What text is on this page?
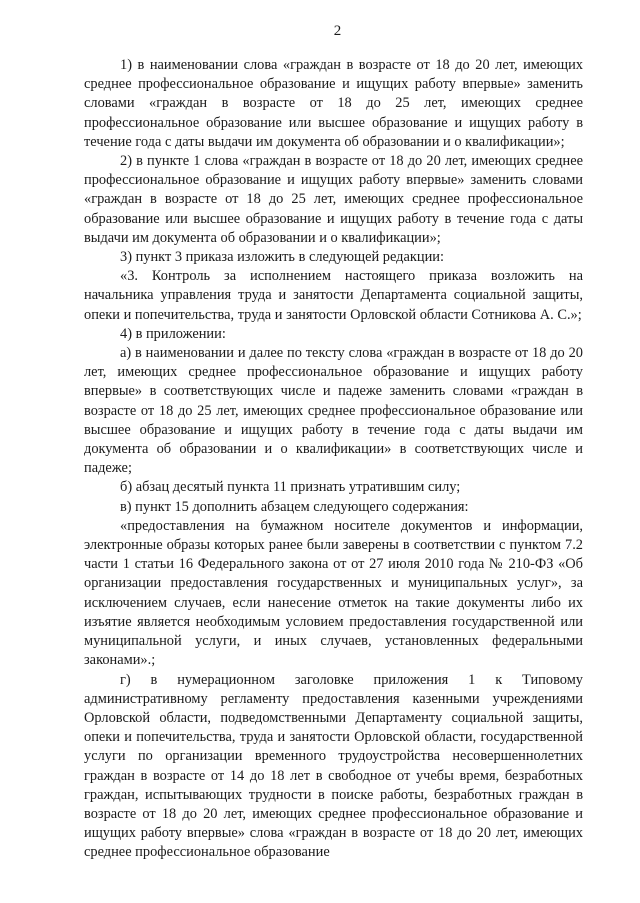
2

1) в наименовании слова «граждан в возрасте от 18 до 20 лет, имеющих среднее профессиональное образование и ищущих работу впервые» заменить словами «граждан в возрасте от 18 до 25 лет, имеющих среднее профессиональное образование или высшее образование и ищущих работу в течение года с даты выдачи им документа об образовании и о квалификации»;

2) в пункте 1 слова «граждан в возрасте от 18 до 20 лет, имеющих среднее профессиональное образование и ищущих работу впервые» заменить словами «граждан в возрасте от 18 до 25 лет, имеющих среднее профессиональное образование или высшее образование и ищущих работу в течение года с даты выдачи им документа об образовании и о квалификации»;

3) пункт 3 приказа изложить в следующей редакции:

«3. Контроль за исполнением настоящего приказа возложить на начальника управления труда и занятости Департамента социальной защиты, опеки и попечительства, труда и занятости Орловской области Сотникова А. С.»;

4) в приложении:

а) в наименовании и далее по тексту слова «граждан в возрасте от 18 до 20 лет, имеющих среднее профессиональное образование и ищущих работу впервые» в соответствующих числе и падеже заменить словами «граждан в возрасте от 18 до 25 лет, имеющих среднее профессиональное образование или высшее образование и ищущих работу в течение года с даты выдачи им документа об образовании и о квалификации» в соответствующих числе и падеже;

б) абзац десятый пункта 11 признать утратившим силу;

в) пункт 15 дополнить абзацем следующего содержания:

«предоставления на бумажном носителе документов и информации, электронные образы которых ранее были заверены в соответствии с пунктом 7.2 части 1 статьи 16 Федерального закона от от 27 июля 2010 года № 210-ФЗ «Об организации предоставления государственных и муниципальных услуг», за исключением случаев, если нанесение отметок на такие документы либо их изъятие является необходимым условием предоставления государственной или муниципальной услуги, и иных случаев, установленных федеральными законами».;

г) в нумерационном заголовке приложения 1 к Типовому административному регламенту предоставления казенными учреждениями Орловской области, подведомственными Департаменту социальной защиты, опеки и попечительства, труда и занятости Орловской области, государственной услуги по организации временного трудоустройства несовершеннолетних граждан в возрасте от 14 до 18 лет в свободное от учебы время, безработных граждан, испытывающих трудности в поиске работы, безработных граждан в возрасте от 18 до 20 лет, имеющих среднее профессиональное образование и ищущих работу впервые» слова «граждан в возрасте от 18 до 20 лет, имеющих среднее профессиональное образование
